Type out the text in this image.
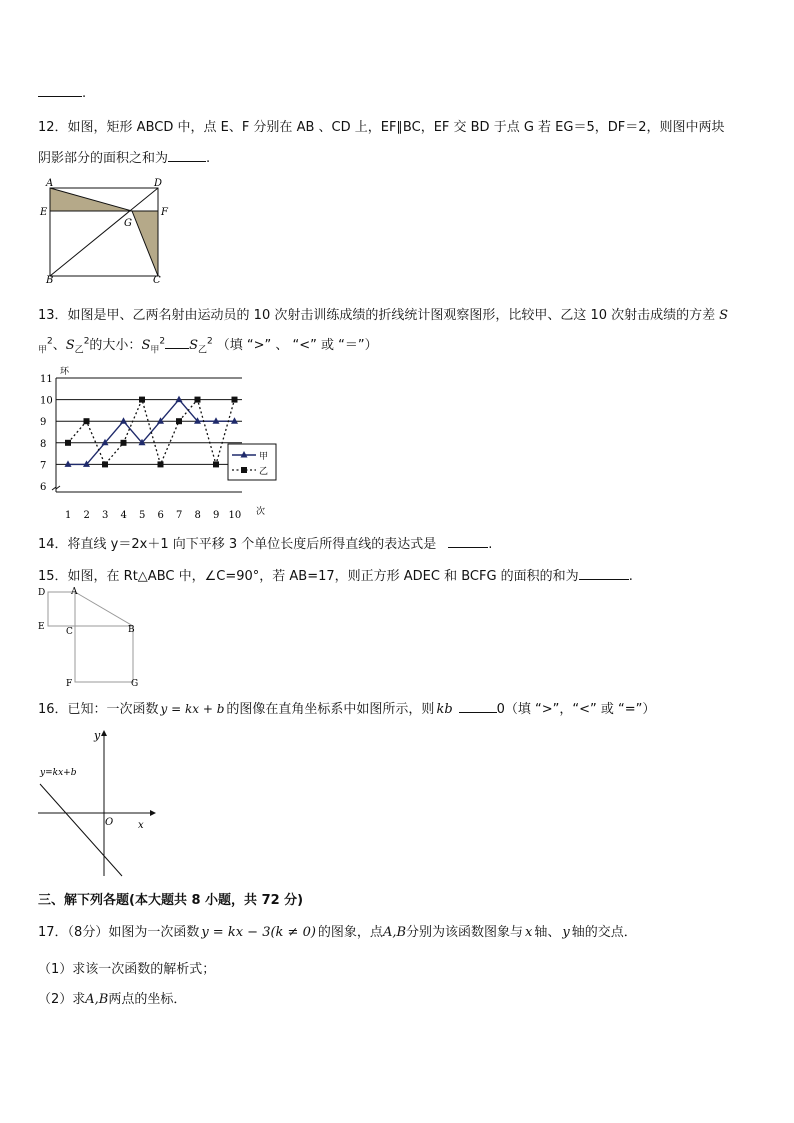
.
12．如图，矩形 ABCD 中，点 E、F 分别在 AB 、CD 上，EF∥BC，EF 交 BD 于点 G 若 EG＝5，DF＝2，则图中两块
阴影部分的面积之和为	.
A	D
E	F
G
B	C
13．如图是甲、乙两名射由运动员的 10 次射击训练成绩的折线统计图观察图形，比较甲、乙这 10 次射击成绩的方差 S
$_甲^2$、$S_乙^2$的大小：$S_甲^2$ $S_乙^2$ （填 “>” 、 “<” 或 “＝”）
6
7
8
9
10
11
环
1 2 3 4 5 6 7 8 9 10 次
甲
乙
14．将直线 y＝2x＋1 向下平移 3 个单位长度后所得直线的表达式是	.
15．如图，在 Rt△ABC 中，∠C=90°，若 AB=17，则正方形 ADEC 和 BCFG 的面积的和为	.
D	A
E C	B
F	G
16．已知：一次函数 y = kx + b 的图像在直角坐标系中如图所示，则 kb	0（填 “>”，“<” 或 “=”）
y
x
O
y=kx+b
三、解下列各题(本大题共 8 小题，共 72 分)
17．（8分）如图为一次函数 y = kx − 3(k ≠ 0) 的图象，点A,B分别为该函数图象与 x 轴、 y 轴的交点．
（1）求该一次函数的解析式；
（2）求A,B两点的坐标．
